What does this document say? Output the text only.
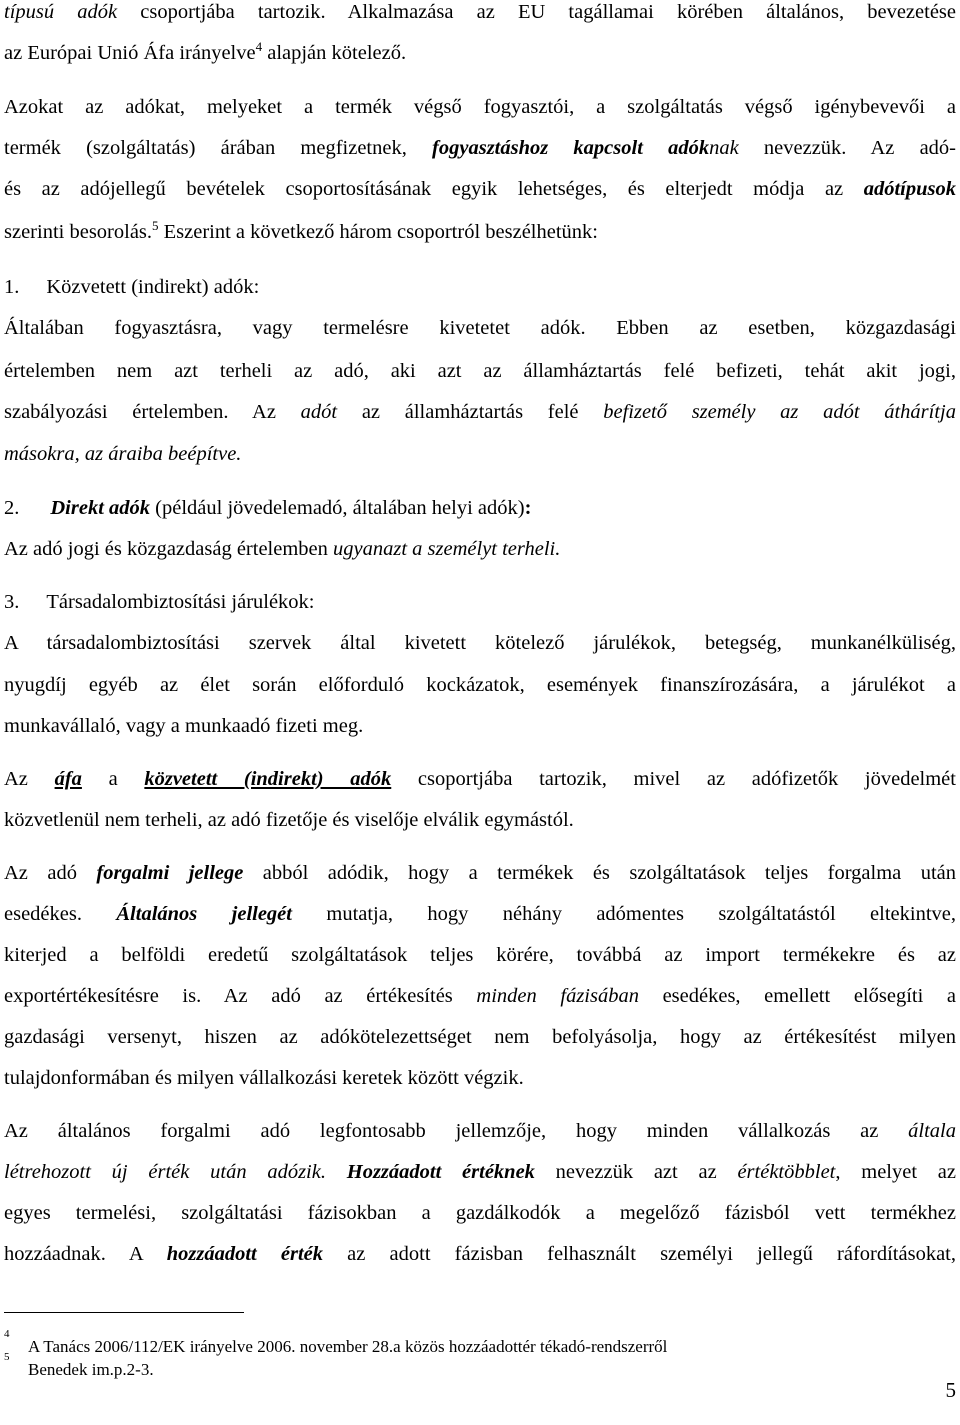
típusú adók csoportjába tartozik. Alkalmazása az EU tagállamai körében általános, bevezetése
az Európai Unió Áfa irányelve$^4$ alapján kötelező.
Azokat az adókat, melyeket a termék végső fogyasztói, a szolgáltatás végső igénybevevői a
termék (szolgáltatás) árában megfizetnek, fogyasztáshoz kapcsolt adóknak nevezzük. Az adó-
és az adójellegű bevételek csoportosításának egyik lehetséges, és elterjedt módja az adótípusok
szerinti besorolás.$^5$ Eszerint a következő három csoportról beszélhetünk:
1. Közvetett (indirekt) adók:
Általában fogyasztásra, vagy termelésre kivetetet adók. Ebben az esetben, közgazdasági
értelemben nem azt terheli az adó, aki azt az államháztartás felé befizeti, tehát akit jogi,
szabályozási értelemben. Az adót az államháztartás felé befizető személy az adót áthárítja
másokra, az áraiba beépítve.
2. Direkt adók (például jövedelemadó, általában helyi adók):
Az adó jogi és közgazdaság értelemben ugyanazt a személyt terheli.
3. Társadalombiztosítási járulékok:
A társadalombiztosítási szervek által kivetett kötelező járulékok, betegség, munkanélküliség,
nyugdíj egyéb az élet során előforduló kockázatok, események finanszírozására, a járulékot a
munkavállaló, vagy a munkaadó fizeti meg.
Az áfa a közvetett (indirekt) adók csoportjába tartozik, mivel az adófizetők jövedelmét
közvetlenül nem terheli, az adó fizetője és viselője elválik egymástól.
Az adó forgalmi jellege abból adódik, hogy a termékek és szolgáltatások teljes forgalma után
esedékes. Általános jellegét mutatja, hogy néhány adómentes szolgáltatástól eltekintve,
kiterjed a belföldi eredetű szolgáltatások teljes körére, továbbá az import termékekre és az
exportértékesítésre is. Az adó az értékesítés minden fázisában esedékes, emellett elősegíti a
gazdasági versenyt, hiszen az adókötelezettséget nem befolyásolja, hogy az értékesítést milyen
tulajdonformában és milyen vállalkozási keretek között végzik.
Az általános forgalmi adó legfontosabb jellemzője, hogy minden vállalkozás az általa
létrehozott új érték után adózik. Hozzáadott értéknek nevezzük azt az értéktöbblet, melyet az
egyes termelési, szolgáltatási fázisokban a gazdálkodók a megelőző fázisból vett termékhez
hozzáadnak. A hozzáadott érték az adott fázisban felhasznált személyi jellegű ráfordításokat,
4
A Tanács 2006/112/EK irányelve 2006. november 28.a közös hozzáadottér tékadó-rendszerről
5
Benedek im.p.2-3.
5
